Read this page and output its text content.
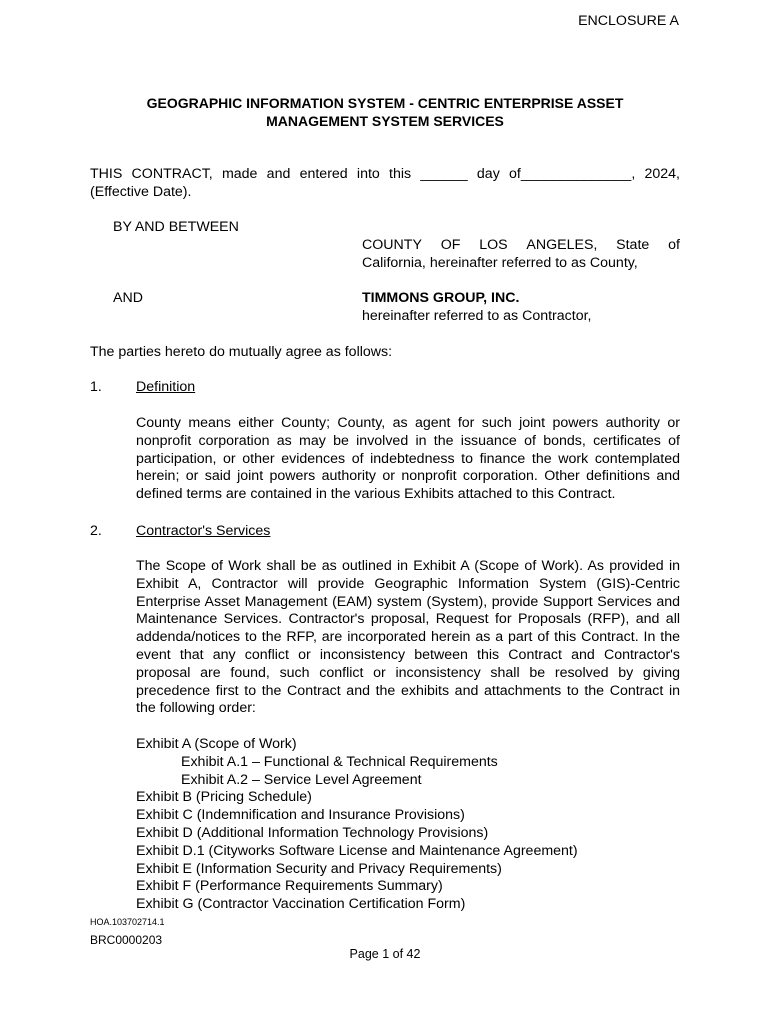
ENCLOSURE A
GEOGRAPHIC INFORMATION SYSTEM - CENTRIC ENTERPRISE ASSET
MANAGEMENT SYSTEM SERVICES
THIS CONTRACT, made and entered into this ______ day of______________, 2024, (Effective Date).
BY AND BETWEEN
COUNTY OF LOS ANGELES, State of
California, hereinafter referred to as County,
AND	TIMMONS GROUP, INC.
hereinafter referred to as Contractor,
The parties hereto do mutually agree as follows:
1. Definition
County means either County; County, as agent for such joint powers authority or nonprofit corporation as may be involved in the issuance of bonds, certificates of participation, or other evidences of indebtedness to finance the work contemplated herein; or said joint powers authority or nonprofit corporation. Other definitions and defined terms are contained in the various Exhibits attached to this Contract.
2. Contractor's Services
The Scope of Work shall be as outlined in Exhibit A (Scope of Work). As provided in Exhibit A, Contractor will provide Geographic Information System (GIS)-Centric Enterprise Asset Management (EAM) system (System), provide Support Services and Maintenance Services. Contractor's proposal, Request for Proposals (RFP), and all addenda/notices to the RFP, are incorporated herein as a part of this Contract. In the event that any conflict or inconsistency between this Contract and Contractor's proposal are found, such conflict or inconsistency shall be resolved by giving precedence first to the Contract and the exhibits and attachments to the Contract in the following order:
Exhibit A (Scope of Work)
Exhibit A.1 – Functional & Technical Requirements
Exhibit A.2 – Service Level Agreement
Exhibit B (Pricing Schedule)
Exhibit C (Indemnification and Insurance Provisions)
Exhibit D (Additional Information Technology Provisions)
Exhibit D.1 (Cityworks Software License and Maintenance Agreement)
Exhibit E (Information Security and Privacy Requirements)
Exhibit F (Performance Requirements Summary)
Exhibit G (Contractor Vaccination Certification Form)
HOA.103702714.1
BRC0000203
Page 1 of 42
